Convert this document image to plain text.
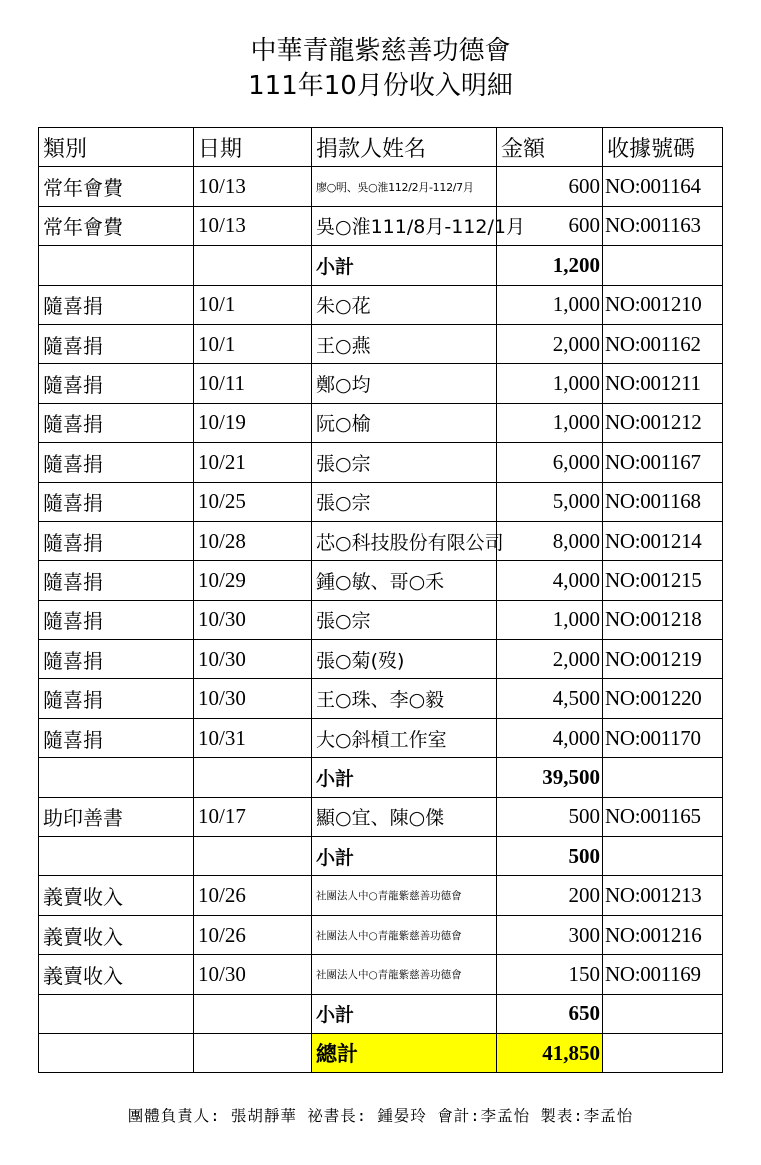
中華青龍紫慈善功德會
111年10月份收入明細
類別	日期	捐款人姓名	金額	收據號碼
常年會費	10/13	廖○明、吳○淮112/2月-112/7月	600	NO:001164
常年會費	10/13	吳○淮111/8月-112/1月	600	NO:001163
		小計	1,200	
隨喜捐	10/1	朱○花	1,000	NO:001210
隨喜捐	10/1	王○燕	2,000	NO:001162
隨喜捐	10/11	鄭○均	1,000	NO:001211
隨喜捐	10/19	阮○榆	1,000	NO:001212
隨喜捐	10/21	張○宗	6,000	NO:001167
隨喜捐	10/25	張○宗	5,000	NO:001168
隨喜捐	10/28	芯○科技股份有限公司	8,000	NO:001214
隨喜捐	10/29	鍾○敏、哥○禾	4,000	NO:001215
隨喜捐	10/30	張○宗	1,000	NO:001218
隨喜捐	10/30	張○菊(歿)	2,000	NO:001219
隨喜捐	10/30	王○珠、李○毅	4,500	NO:001220
隨喜捐	10/31	大○斜槓工作室	4,000	NO:001170
		小計	39,500	
助印善書	10/17	顯○宜、陳○傑	500	NO:001165
		小計	500	
義賣收入	10/26	社團法人中○青龍紫慈善功德會	200	NO:001213
義賣收入	10/26	社團法人中○青龍紫慈善功德會	300	NO:001216
義賣收入	10/30	社團法人中○青龍紫慈善功德會	150	NO:001169
		小計	650	
		總計	41,850	
團體負責人: 張胡靜華 祕書長: 鍾晏玲 會計:李孟怡 製表:李孟怡
